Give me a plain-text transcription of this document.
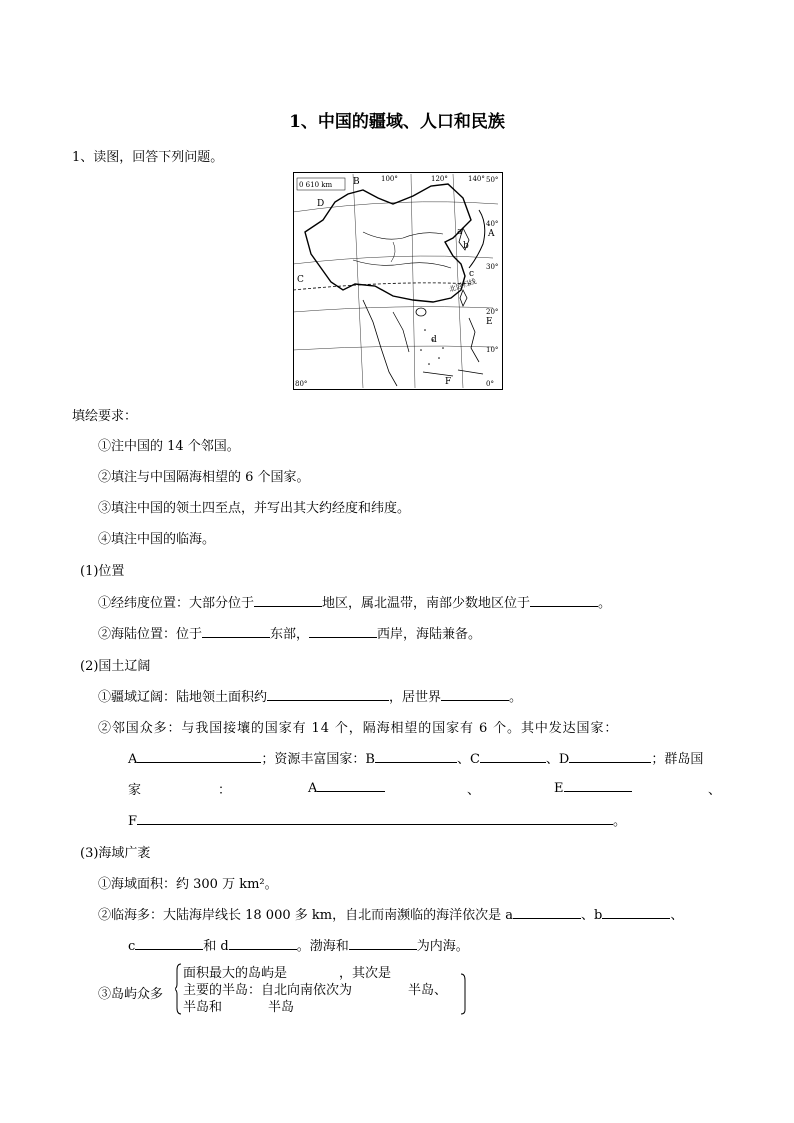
1、中国的疆域、人口和民族
1、读图，回答下列问题。
0 610 km
100°	120°	140° 50°
40°
30°
20°
10°
0°
80°
北回归线
A
B
C
D
E
F
a
b
c
d
填绘要求：
①注中国的 14 个邻国。
②填注与中国隔海相望的 6 个国家。
③填注中国的领土四至点，并写出其大约经度和纬度。
④填注中国的临海。
(1)位置
①经纬度位置：大部分位于	地区，属北温带，南部少数地区位于	。
②海陆位置：位于	东部，	西岸，海陆兼备。
(2)国土辽阔
①疆域辽阔：陆地领土面积约	，居世界	。
②邻国众多：与我国接壤的国家有 14 个，隔海相望的国家有 6 个。其中发达国家：
A	；资源丰富国家：B	、C	、D	；群岛国
家	：	A	、	E	、
F	。
(3)海域广袤
①海域面积：约 300 万 km²。
②临海多：大陆海岸线长 18 000 多 km，自北而南濒临的海洋依次是 a	、b	、
c	和 d	。渤海和	为内海。
③岛屿众多
面积最大的岛屿是	，其次是
主要的半岛：自北向南依次为	半岛、
半岛和	半岛
